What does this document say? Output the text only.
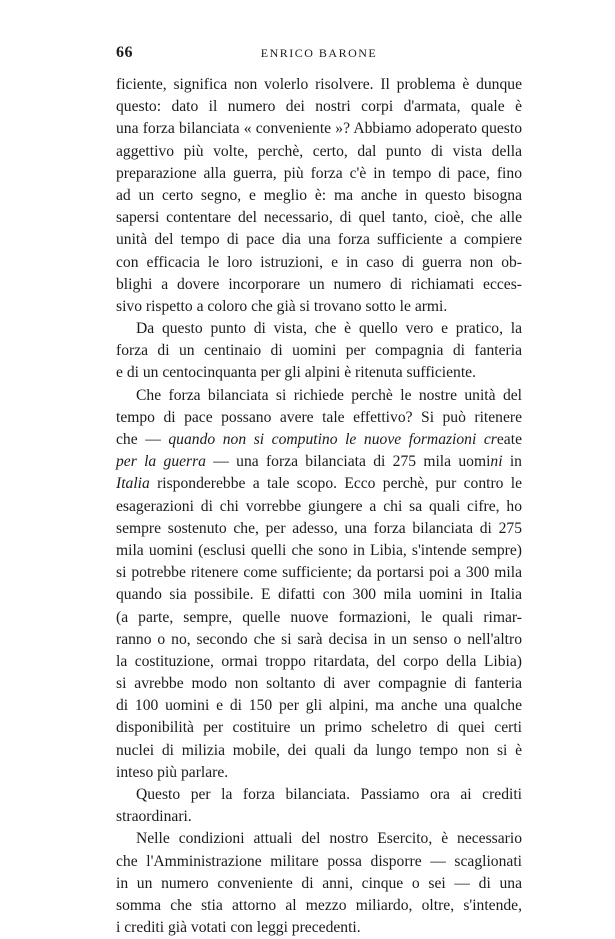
66	ENRICO BARONE
ficiente, significa non volerlo risolvere. Il problema è dunque
questo: dato il numero dei nostri corpi d'armata, quale è
una forza bilanciata « conveniente »? Abbiamo adoperato questo
aggettivo più volte, perchè, certo, dal punto di vista della
preparazione alla guerra, più forza c'è in tempo di pace, fino
ad un certo segno, e meglio è: ma anche in questo bisogna
sapersi contentare del necessario, di quel tanto, cioè, che alle
unità del tempo di pace dia una forza sufficiente a compiere
con efficacia le loro istruzioni, e in caso di guerra non ob-
blighi a dovere incorporare un numero di richiamati ecces-
sivo rispetto a coloro che già si trovano sotto le armi.
Da questo punto di vista, che è quello vero e pratico, la
forza di un centinaio di uomini per compagnia di fanteria
e di un centocinquanta per gli alpini è ritenuta sufficiente.
Che forza bilanciata si richiede perchè le nostre unità del
tempo di pace possano avere tale effettivo? Si può ritenere
che — quando non si computino le nuove formazioni create
per la guerra — una forza bilanciata di 275 mila uomini in
Italia risponderebbe a tale scopo. Ecco perchè, pur contro le
esagerazioni di chi vorrebbe giungere a chi sa quali cifre, ho
sempre sostenuto che, per adesso, una forza bilanciata di 275
mila uomini (esclusi quelli che sono in Libia, s'intende sempre)
si potrebbe ritenere come sufficiente; da portarsi poi a 300 mila
quando sia possibile. E difatti con 300 mila uomini in Italia
(a parte, sempre, quelle nuove formazioni, le quali rimar-
ranno o no, secondo che si sarà decisa in un senso o nell'altro
la costituzione, ormai troppo ritardata, del corpo della Libia)
si avrebbe modo non soltanto di aver compagnie di fanteria
di 100 uomini e di 150 per gli alpini, ma anche una qualche
disponibilità per costituire un primo scheletro di quei certi
nuclei di milizia mobile, dei quali da lungo tempo non si è
inteso più parlare.
Questo per la forza bilanciata. Passiamo ora ai crediti
straordinari.
Nelle condizioni attuali del nostro Esercito, è necessario
che l'Amministrazione militare possa disporre — scaglionati
in un numero conveniente di anni, cinque o sei — di una
somma che stia attorno al mezzo miliardo, oltre, s'intende,
i crediti già votati con leggi precedenti.
